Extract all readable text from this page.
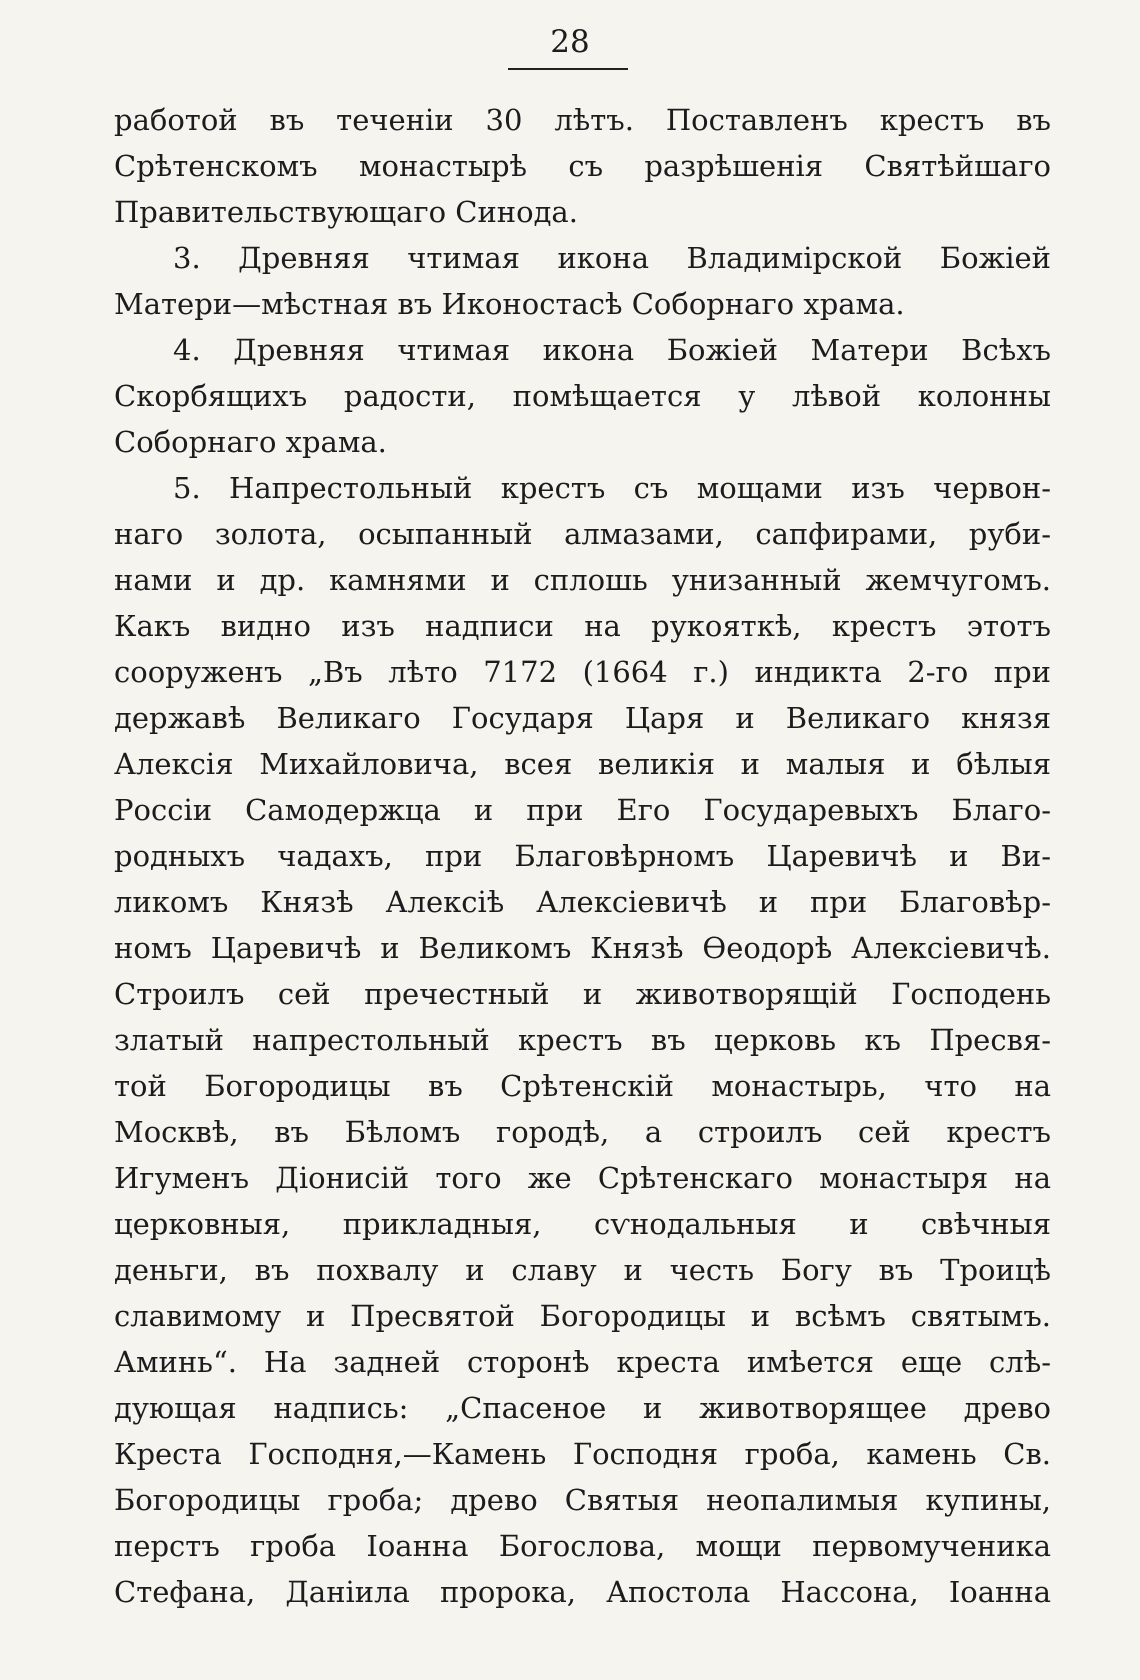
28
работой въ теченіи 30 лѣтъ. Поставленъ крестъ въ
Срѣтенскомъ монастырѣ съ разрѣшенія Святѣйшаго
Правительствующаго Синода.
3. Древняя чтимая икона Владимірской Божіей
Матери—мѣстная въ Иконостасѣ Соборнаго храма.
4. Древняя чтимая икона Божіей Матери Всѣхъ
Скорбящихъ радости, помѣщается у лѣвой колонны
Соборнаго храма.
5. Напрестольный крестъ съ мощами изъ червон-
наго золота, осыпанный алмазами, сапфирами, руби-
нами и др. камнями и сплошь унизанный жемчугомъ.
Какъ видно изъ надписи на рукояткѣ, крестъ этотъ
сооруженъ „Въ лѣто 7172 (1664 г.) индикта 2-го при
державѣ Великаго Государя Царя и Великаго князя
Алексія Михайловича, всея великія и малыя и бѣлыя
Россіи Самодержца и при Его Государевыхъ Благо-
родныхъ чадахъ, при Благовѣрномъ Царевичѣ и Ви-
ликомъ Князѣ Алексіѣ Алексіевичѣ и при Благовѣр-
номъ Царевичѣ и Великомъ Князѣ Ѳеодорѣ Алексіевичѣ.
Строилъ сей пречестный и животворящій Господень
златый напрестольный крестъ въ церковь къ Пресвя-
той Богородицы въ Срѣтенскій монастырь, что на
Москвѣ, въ Бѣломъ городѣ, а строилъ сей крестъ
Игуменъ Діонисій того же Срѣтенскаго монастыря на
церковныя, прикладныя, сѵнодальныя и свѣчныя
деньги, въ похвалу и славу и честь Богу въ Троицѣ
славимому и Пресвятой Богородицы и всѣмъ святымъ.
Аминь“. На задней сторонѣ креста имѣется еще слѣ-
дующая надпись: „Спасеное и животворящее древо
Креста Господня,—Камень Господня гроба, камень Св.
Богородицы гроба; древо Святыя неопалимыя купины,
перстъ гроба Іоанна Богослова, мощи первомученика
Стефана, Даніила пророка, Апостола Нассона, Іоанна
